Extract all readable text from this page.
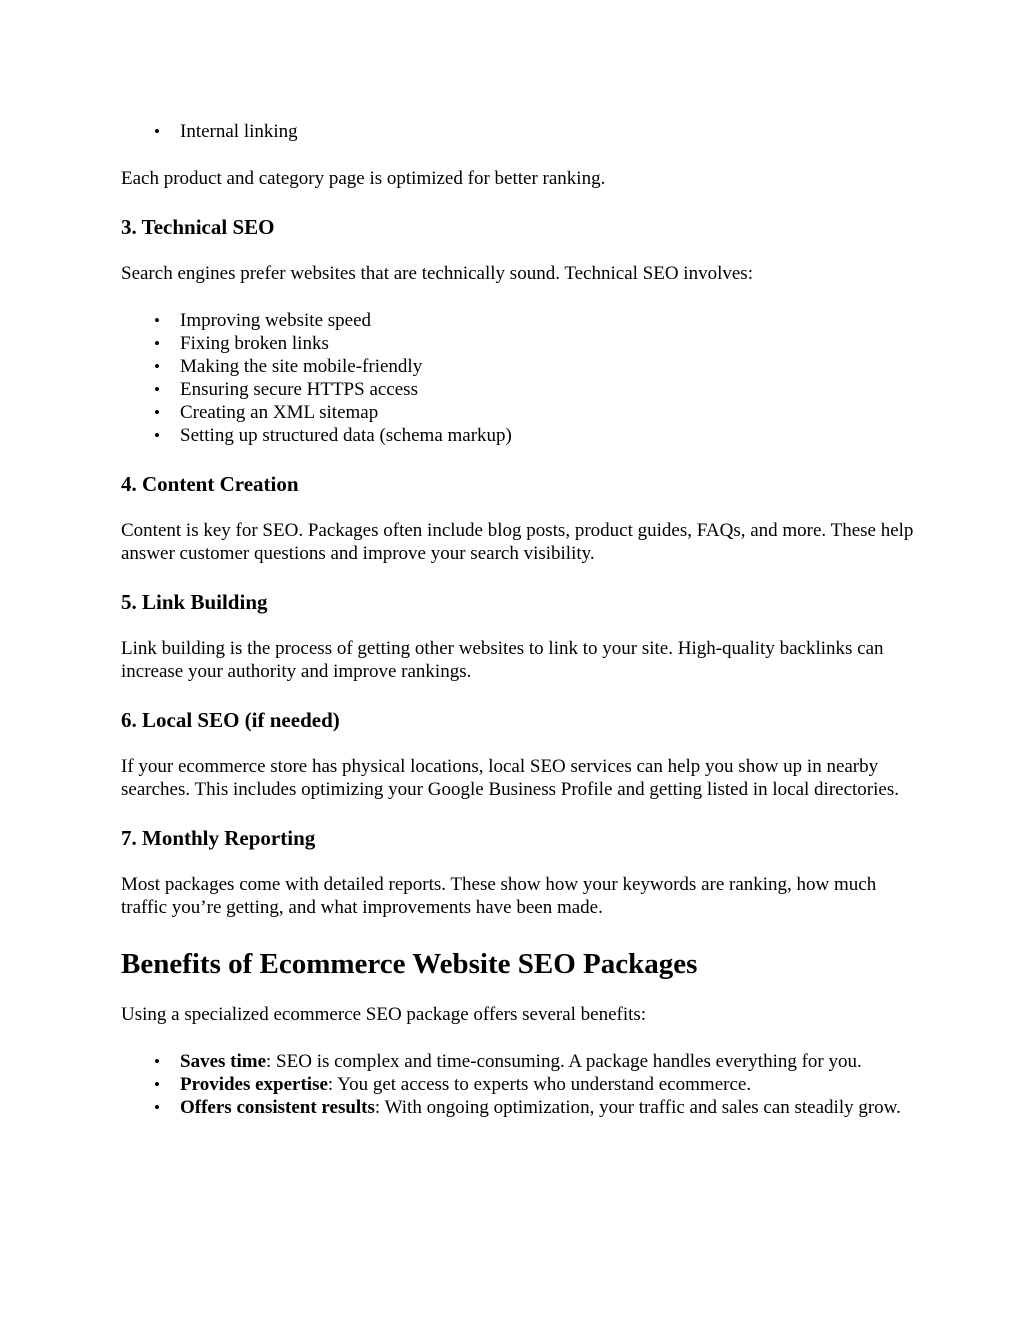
• Internal linking

Each product and category page is optimized for better ranking.

3. Technical SEO

Search engines prefer websites that are technically sound. Technical SEO involves:

• Improving website speed
• Fixing broken links
• Making the site mobile-friendly
• Ensuring secure HTTPS access
• Creating an XML sitemap
• Setting up structured data (schema markup)
4. Content Creation

Content is key for SEO. Packages often include blog posts, product guides, FAQs, and more. These help answer customer questions and improve your search visibility.

5. Link Building

Link building is the process of getting other websites to link to your site. High-quality backlinks can increase your authority and improve rankings.

6. Local SEO (if needed)

If your ecommerce store has physical locations, local SEO services can help you show up in nearby searches. This includes optimizing your Google Business Profile and getting listed in local directories.

7. Monthly Reporting

Most packages come with detailed reports. These show how your keywords are ranking, how much traffic you’re getting, and what improvements have been made.

Benefits of Ecommerce Website SEO Packages

Using a specialized ecommerce SEO package offers several benefits:

• Saves time: SEO is complex and time-consuming. A package handles everything for you.
• Provides expertise: You get access to experts who understand ecommerce.
• Offers consistent results: With ongoing optimization, your traffic and sales can steadily grow.
